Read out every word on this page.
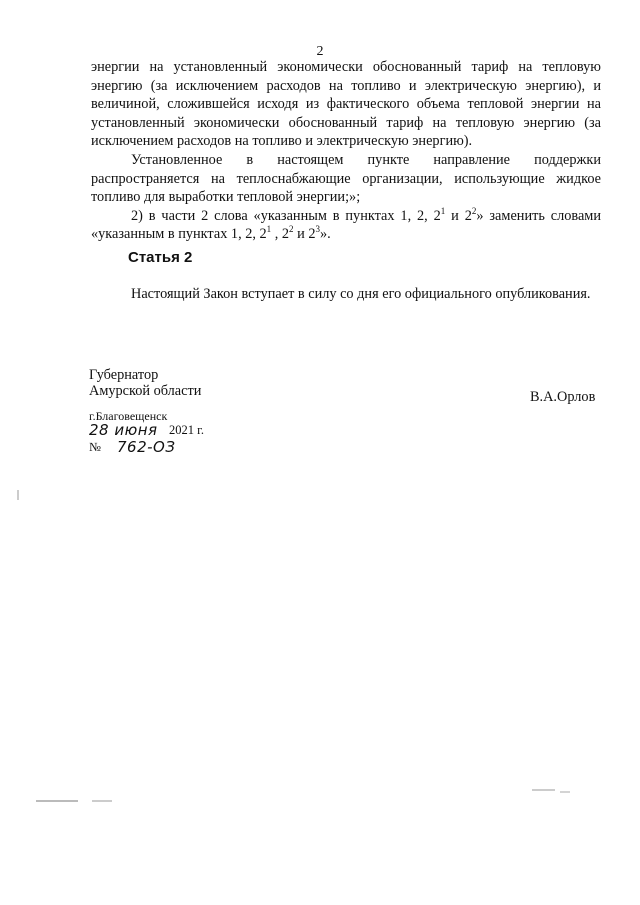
2

энергии на установленный экономически обоснованный тариф на тепловую энергию (за исключением расходов на топливо и электрическую энергию), и величиной, сложившейся исходя из фактического объема тепловой энергии на установленный экономически обоснованный тариф на тепловую энергию (за исключением расходов на топливо и электрическую энергию).

Установленное в настоящем пункте направление поддержки распространяется на теплоснабжающие организации, использующие жидкое топливо для выработки тепловой энергии;»;

2) в части 2 слова «указанным в пунктах 1, 2, $2^1$ и $2^2$» заменить словами «указанным в пунктах 1, 2, $2^1$ , $2^2$ и $2^3$».

Статья 2
Настоящий Закон вступает в силу со дня его официального опубликования.
Губернатор
Амурской области	В.А.Орлов
г.Благовещенск
28 июня 2021 г.
№ 762-ОЗ
